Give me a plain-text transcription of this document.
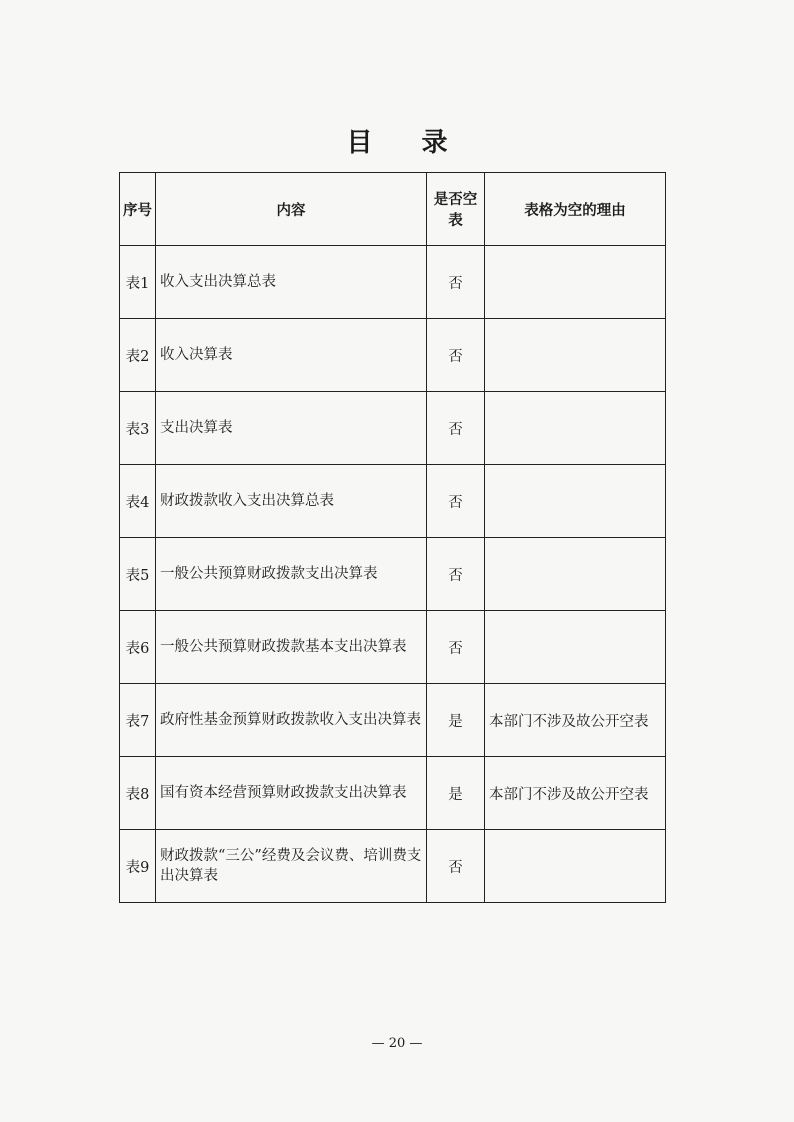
目 录
序号	内容	是否空表	表格为空的理由
表1	收入支出决算总表	否	
表2	收入决算表	否	
表3	支出决算表	否	
表4	财政拨款收入支出决算总表	否	
表5	一般公共预算财政拨款支出决算表	否	
表6	一般公共预算财政拨款基本支出决算表	否	
表7	政府性基金预算财政拨款收入支出决算表	是	本部门不涉及故公开空表
表8	国有资本经营预算财政拨款支出决算表	是	本部门不涉及故公开空表
表9	财政拨款“三公”经费及会议费、培训费支出决算表	否	
— 20 —
